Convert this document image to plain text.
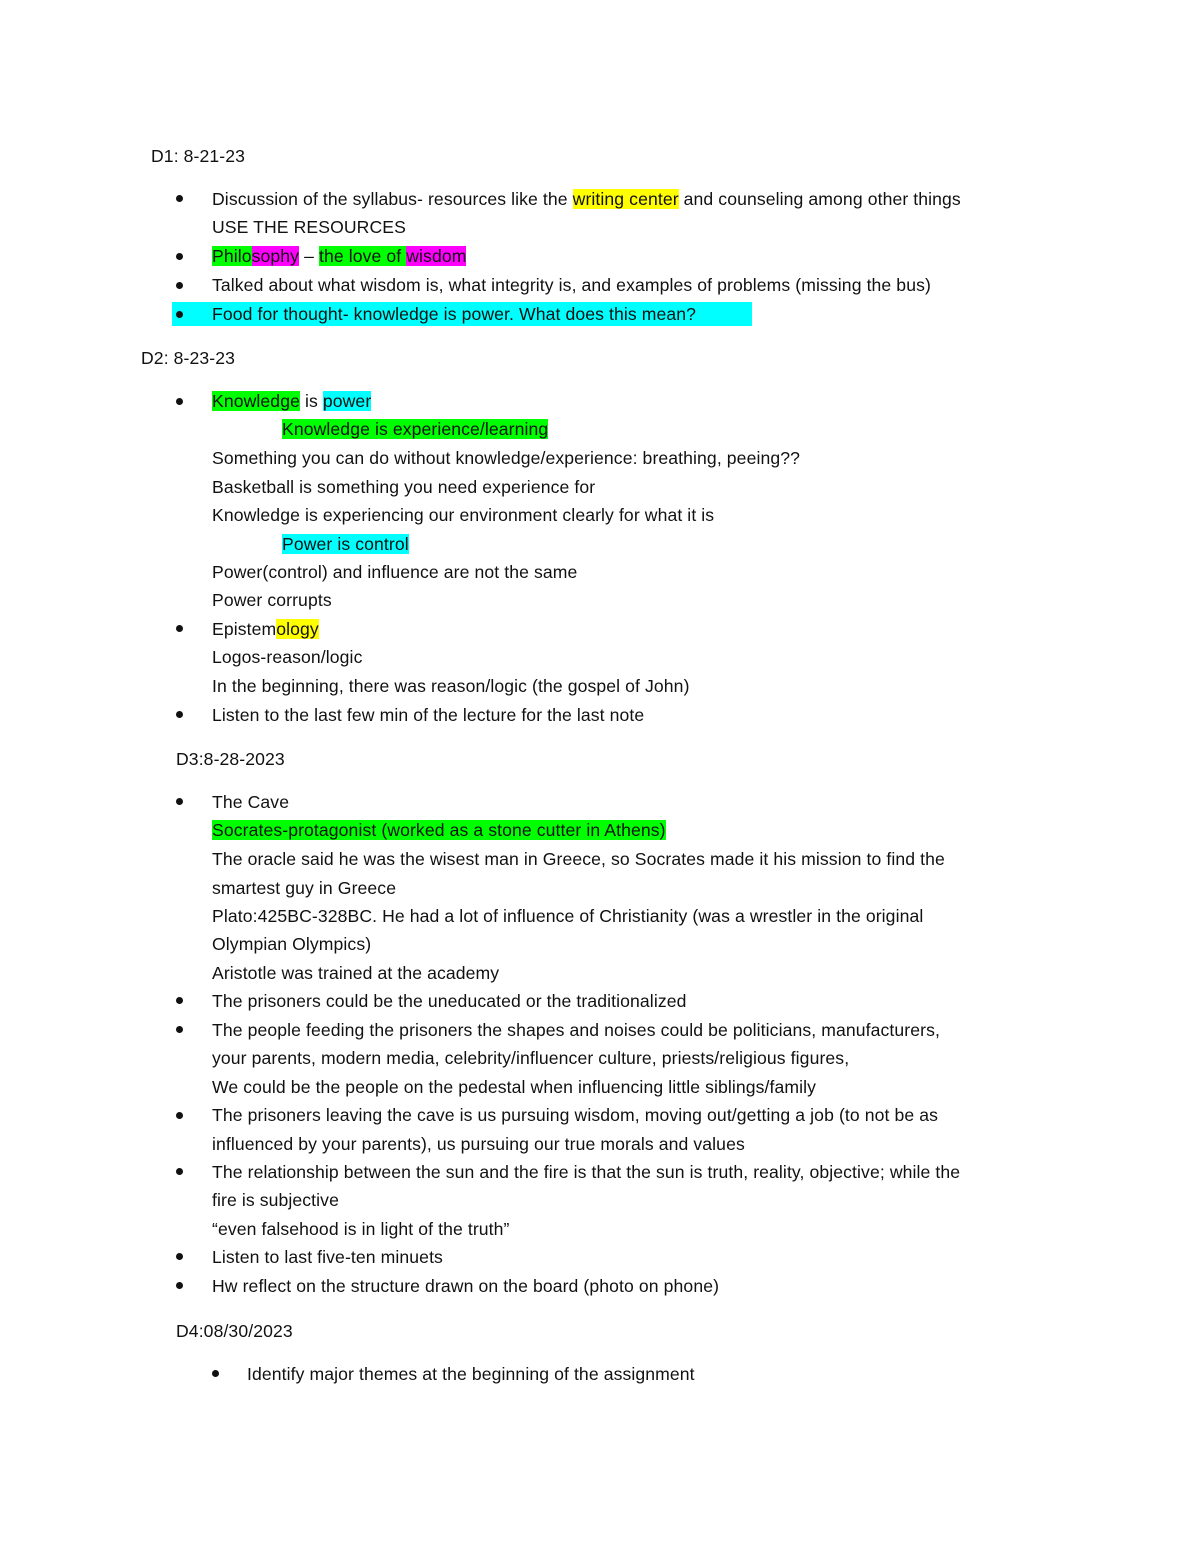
D1: 8-21-23
Discussion of the syllabus- resources like the writing center and counseling among other things
USE THE RESOURCES
Philosophy – the love of wisdom
Talked about what wisdom is, what integrity is, and examples of problems (missing the bus)
Food for thought- knowledge is power. What does this mean?
D2: 8-23-23
Knowledge is power
Knowledge is experience/learning
Something you can do without knowledge/experience: breathing, peeing??
Basketball is something you need experience for
Knowledge is experiencing our environment clearly for what it is
Power is control
Power(control) and influence are not the same
Power corrupts
Epistemology
Logos-reason/logic
In the beginning, there was reason/logic (the gospel of John)
Listen to the last few min of the lecture for the last note
D3:8-28-2023
The Cave
Socrates-protagonist (worked as a stone cutter in Athens)
The oracle said he was the wisest man in Greece, so Socrates made it his mission to find the
smartest guy in Greece
Plato:425BC-328BC. He had a lot of influence of Christianity (was a wrestler in the original
Olympian Olympics)
Aristotle was trained at the academy
The prisoners could be the uneducated or the traditionalized
The people feeding the prisoners the shapes and noises could be politicians, manufacturers,
your parents, modern media, celebrity/influencer culture, priests/religious figures,
We could be the people on the pedestal when influencing little siblings/family
The prisoners leaving the cave is us pursuing wisdom, moving out/getting a job (to not be as
influenced by your parents), us pursuing our true morals and values
The relationship between the sun and the fire is that the sun is truth, reality, objective; while the
fire is subjective
“even falsehood is in light of the truth”
Listen to last five-ten minuets
Hw reflect on the structure drawn on the board (photo on phone)
D4:08/30/2023
Identify major themes at the beginning of the assignment
